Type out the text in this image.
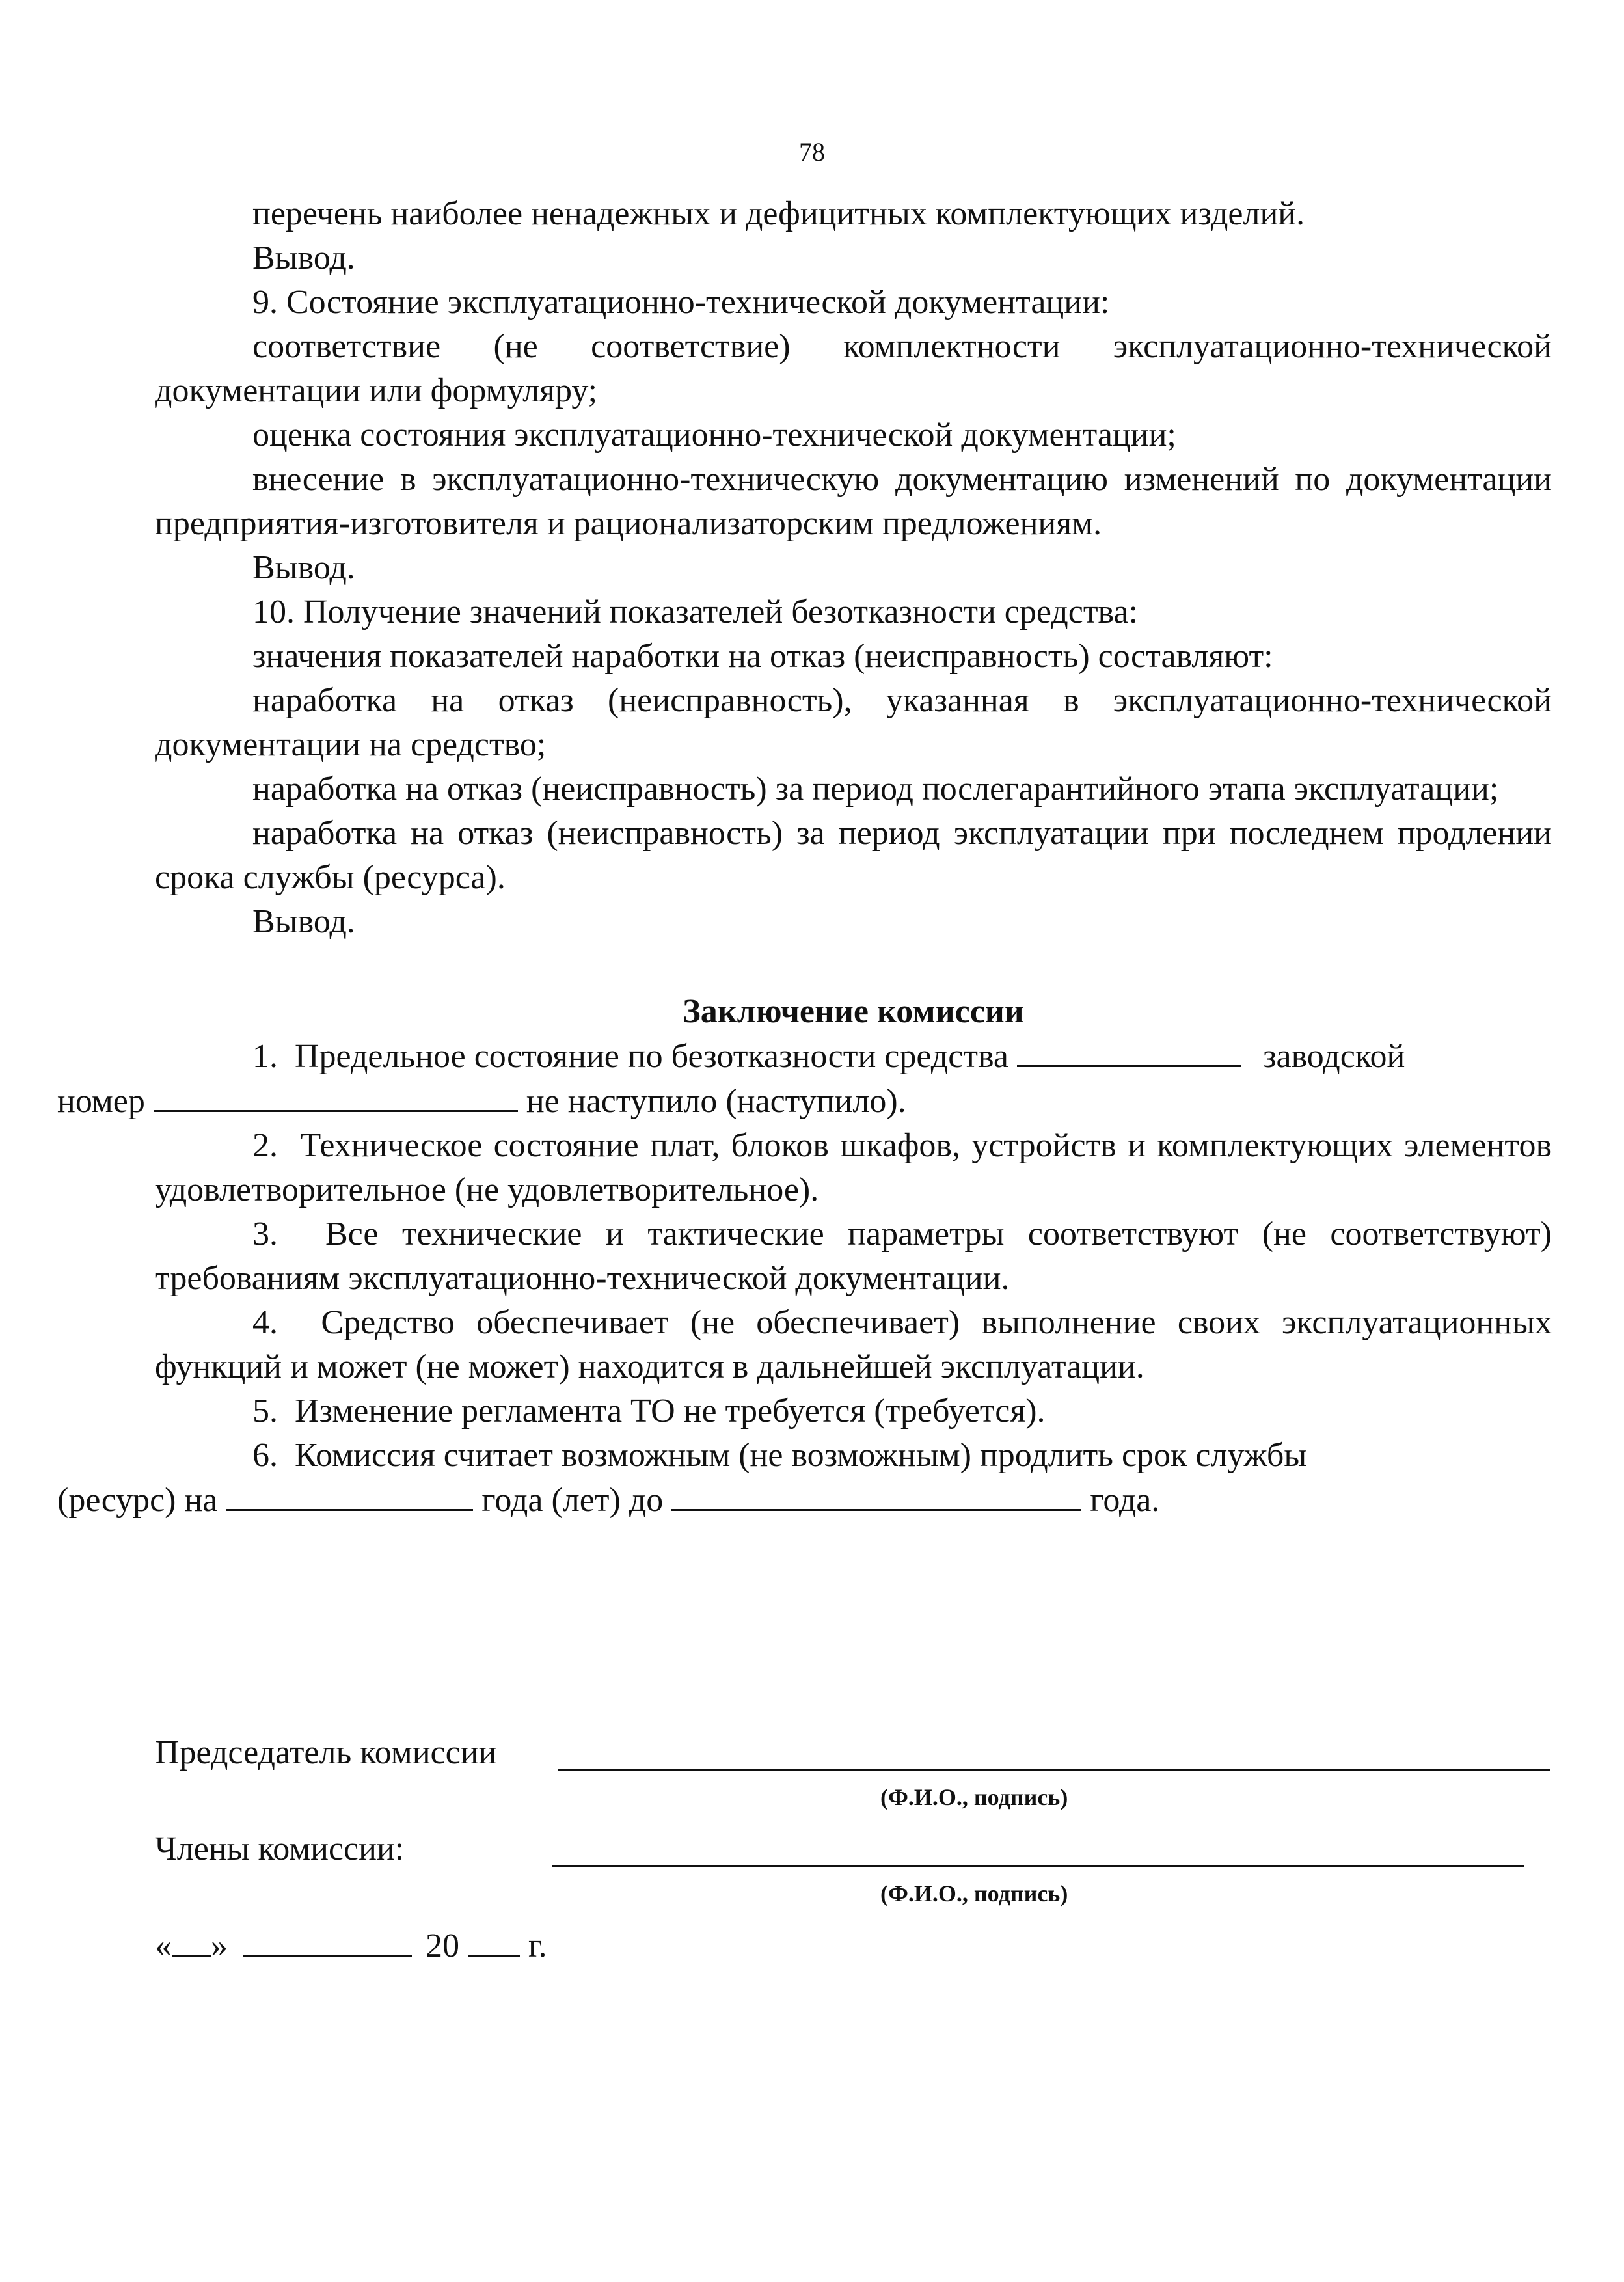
78
перечень наиболее ненадежных и дефицитных комплектующих изделий.
Вывод.
9. Состояние эксплуатационно-технической документации:

соответствие (не соответствие) комплектности эксплуатационно-технической документации или формуляру;

оценка состояния эксплуатационно-технической документации;

внесение в эксплуатационно-техническую документацию изменений по документации предприятия-изготовителя и рационализаторским предложениям.

Вывод.
10. Получение значений показателей безотказности средства:
значения показателей наработки на отказ (неисправность) составляют:

наработка на отказ (неисправность), указанная в эксплуатационно-технической документации на средство;

наработка на отказ (неисправность) за период послегарантийного этапа эксплуатации;

наработка на отказ (неисправность) за период эксплуатации при последнем продлении срока службы (ресурса).

Вывод.

Заключение комиссии

1. Предельное состояние по безотказности средства	заводской
номер	не наступило (наступило).

2. Техническое состояние плат, блоков шкафов, устройств и комплектующих элементов удовлетворительное (не удовлетворительное).

3. Все технические и тактические параметры соответствуют (не соответствуют) требованиям эксплуатационно-технической документации.

4. Средство обеспечивает (не обеспечивает) выполнение своих эксплуатационных функций и может (не может) находится в дальнейшей эксплуатации.

5. Изменение регламента ТО не требуется (требуется).

6. Комиссия считает возможным (не возможным) продлить срок службы
(ресурс) на	года (лет) до	года.

Председатель комиссии
(Ф.И.О., подпись)
Члены комиссии:
(Ф.И.О., подпись)
« »	20 г.
